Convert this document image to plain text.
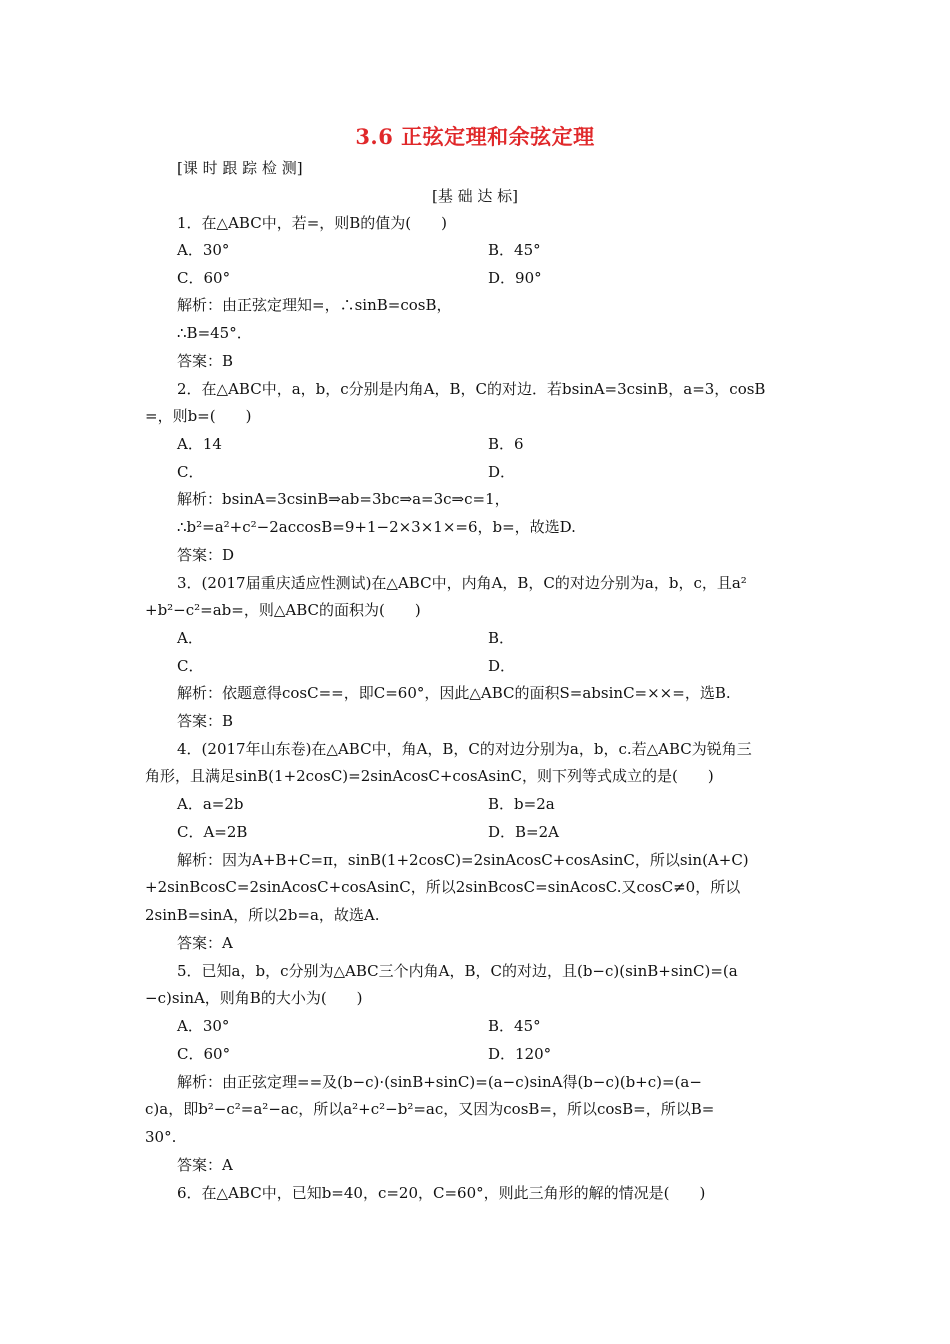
3.6 正弦定理和余弦定理
[课 时 跟 踪 检 测]
[基 础 达 标]
1．在△ABC中，若=，则B的值为(　　)
A．30°	B．45°
C．60°	D．90°
解析：由正弦定理知=，∴sinB=cosB，
∴B=45°．
答案：B
2．在△ABC中，a，b，c分别是内角A，B，C的对边．若bsinA=3csinB，a=3，cosB
=，则b=(　　)
A．14	B．6
C．	D．
解析：bsinA=3csinB⇒ab=3bc⇒a=3c⇒c=1，
∴b²=a²+c²−2accosB=9+1−2×3×1×=6，b=，故选D.
答案：D
3．(2017届重庆适应性测试)在△ABC中，内角A，B，C的对边分别为a，b，c，且a²
+b²−c²=ab=，则△ABC的面积为(　　)
A．	B．
C．	D．
解析：依题意得cosC==，即C=60°，因此△ABC的面积S=absinC=××=，选B.
答案：B
4．(2017年山东卷)在△ABC中，角A，B，C的对边分别为a，b，c.若△ABC为锐角三
角形，且满足sinB(1+2cosC)=2sinAcosC+cosAsinC，则下列等式成立的是(　　)
A．a=2b	B．b=2a
C．A=2B	D．B=2A
解析：因为A+B+C=π，sinB(1+2cosC)=2sinAcosC+cosAsinC，所以sin(A+C)
+2sinBcosC=2sinAcosC+cosAsinC，所以2sinBcosC=sinAcosC.又cosC≠0，所以
2sinB=sinA，所以2b=a，故选A.
答案：A
5．已知a，b，c分别为△ABC三个内角A，B，C的对边，且(b−c)(sinB+sinC)=(a
−c)sinA，则角B的大小为(　　)
A．30°	B．45°
C．60°	D．120°
解析：由正弦定理==及(b−c)·(sinB+sinC)=(a−c)sinA得(b−c)(b+c)=(a−
c)a，即b²−c²=a²−ac，所以a²+c²−b²=ac，又因为cosB=，所以cosB=，所以B=
30°.
答案：A
6．在△ABC中，已知b=40，c=20，C=60°，则此三角形的解的情况是(　　)
